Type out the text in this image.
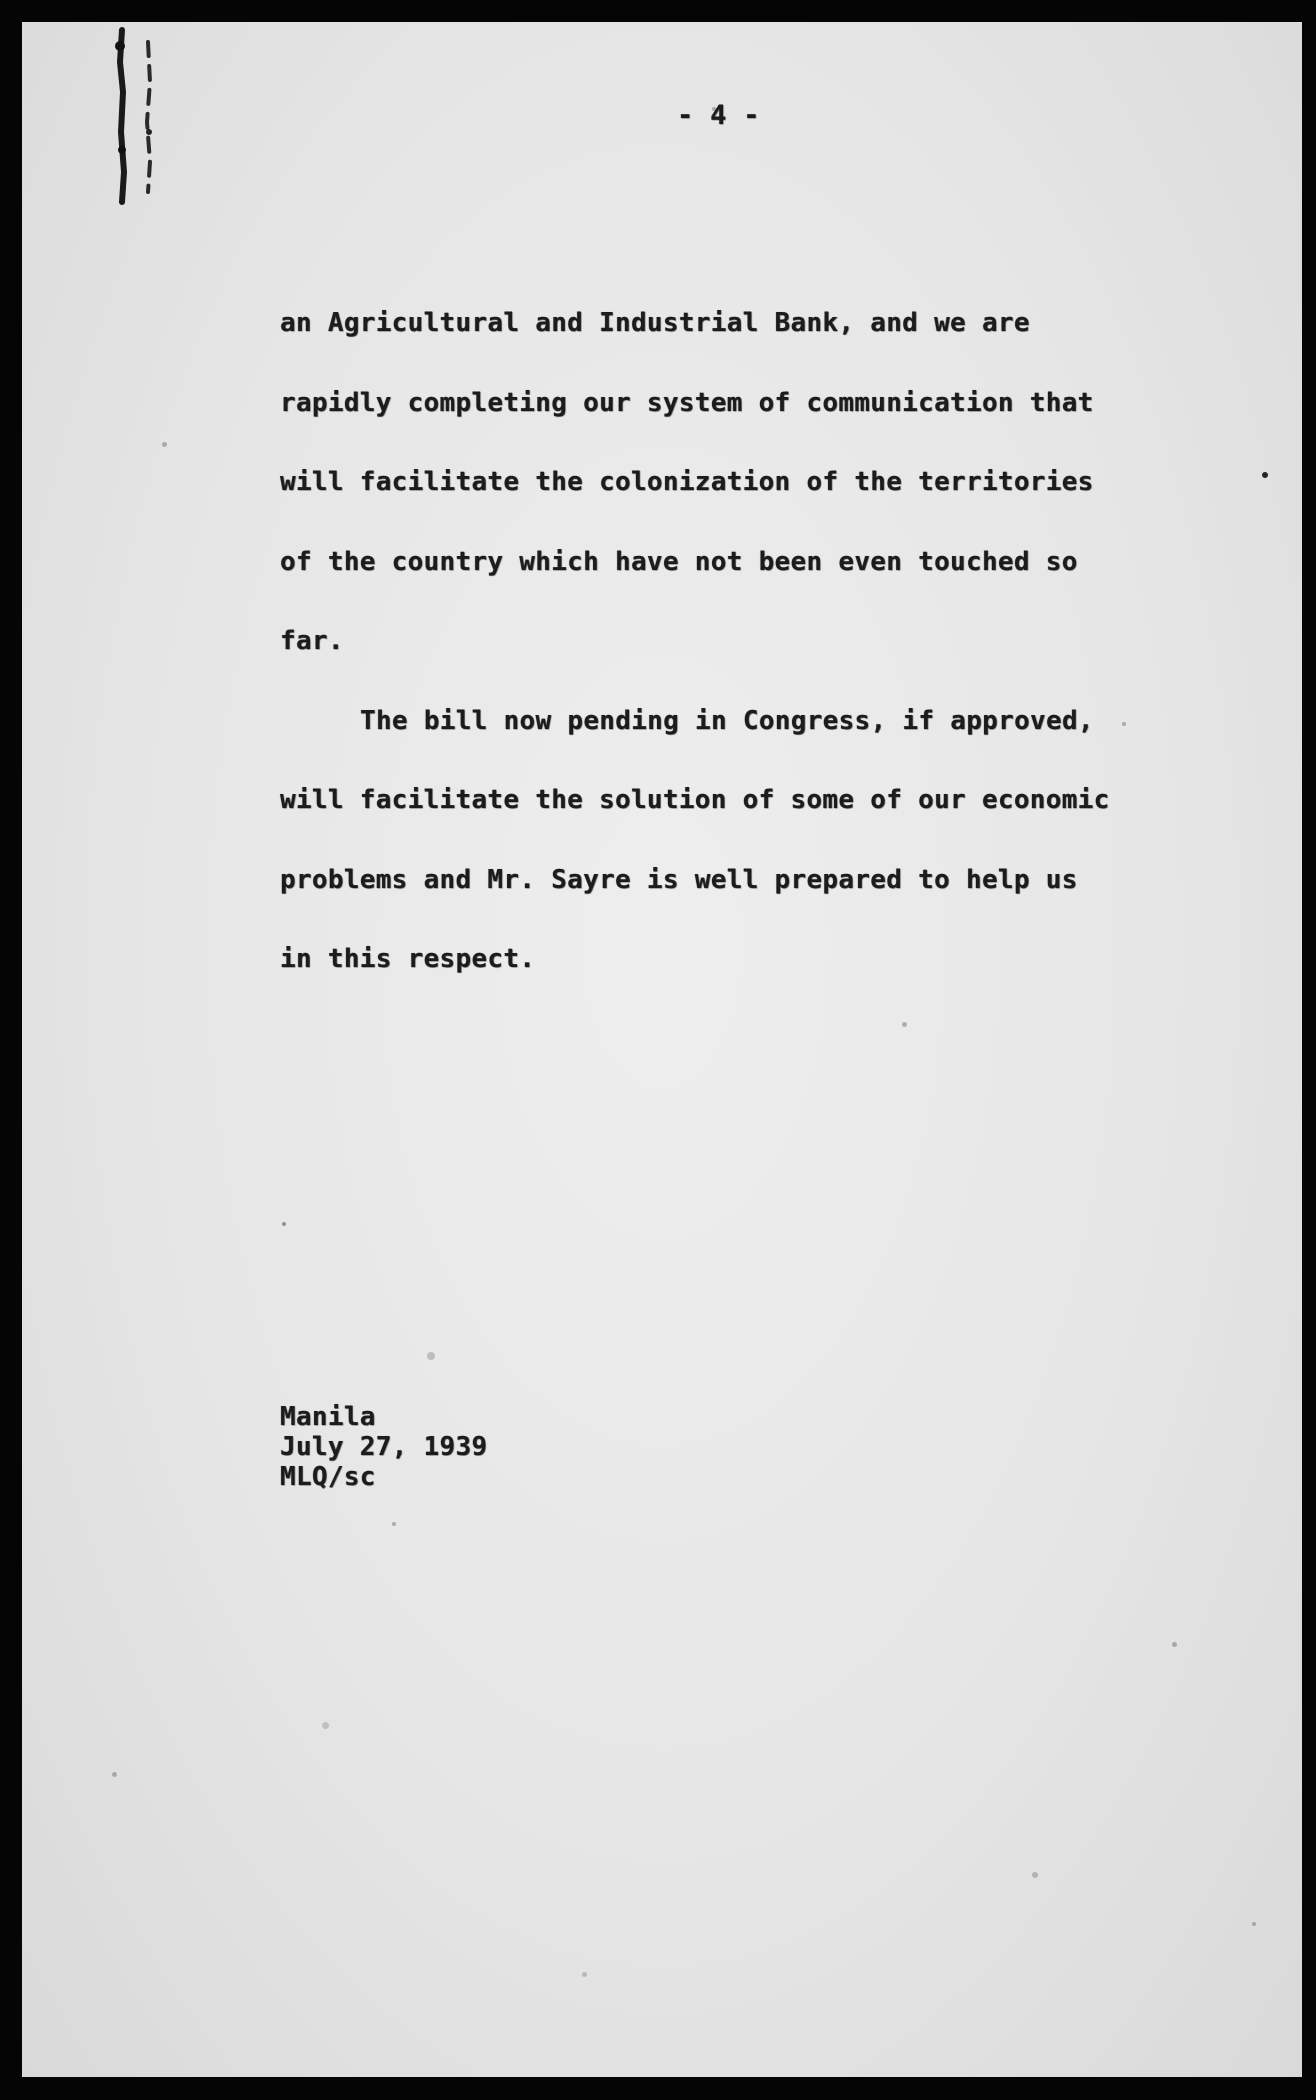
- 4 -
an Agricultural and Industrial Bank, and we are
rapidly completing our system of communication that
will facilitate the colonization of the territories
of the country which have not been even touched so
far.
The bill now pending in Congress, if approved,
will facilitate the solution of some of our economic
problems and Mr. Sayre is well prepared to help us
in this respect.
Manila
July 27, 1939
MLQ/sc
